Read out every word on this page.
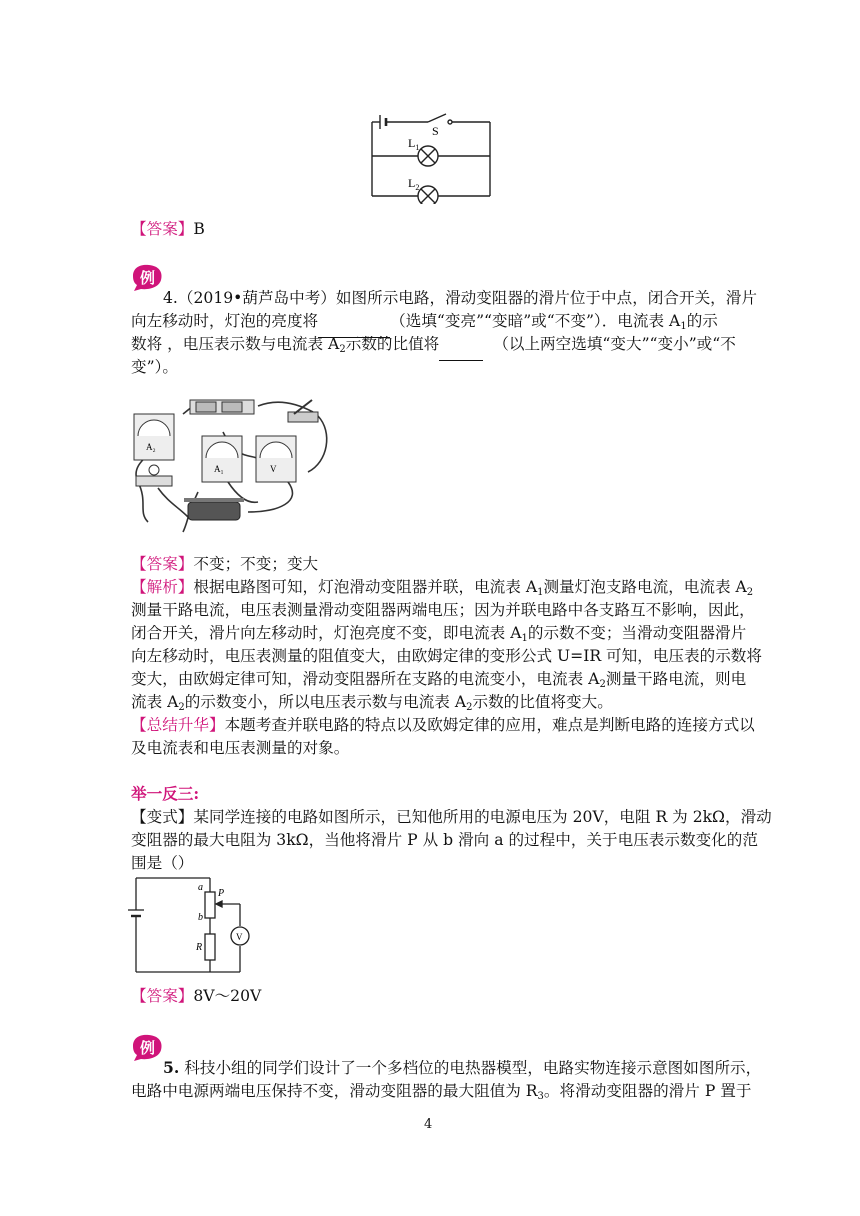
S
$L_1$
$L_2$
【答案】B
例
4.（2019•葫芦岛中考）如图所示电路，滑动变阻器的滑片位于中点，闭合开关，滑片
向左移动时，灯泡的亮度将	（选填“变亮”“变暗”或“不变”）．电流表 $A_1$的示
数将 ，电压表示数与电流表 $A_2$示数的比值将	（以上两空选填“变大”“变小”或“不
变”）。
A₂
A₁	V
【答案】不变；不变；变大
【解析】根据电路图可知，灯泡滑动变阻器并联，电流表 $A_1$测量灯泡支路电流，电流表 $A_2$
测量干路电流，电压表测量滑动变阻器两端电压；因为并联电路中各支路互不影响，因此，
闭合开关，滑片向左移动时，灯泡亮度不变，即电流表 $A_1$的示数不变；当滑动变阻器滑片
向左移动时，电压表测量的阻值变大，由欧姆定律的变形公式 U=IR 可知，电压表的示数将
变大，由欧姆定律可知，滑动变阻器所在支路的电流变小，电流表 $A_2$测量干路电流，则电
流表 $A_2$的示数变小，所以电压表示数与电流表 $A_2$示数的比值将变大。
【总结升华】本题考查并联电路的特点以及欧姆定律的应用，难点是判断电路的连接方式以
及电流表和电压表测量的对象。
举一反三:
【变式】某同学连接的电路如图所示，已知他所用的电源电压为 20V，电阻 R 为 2kΩ，滑动
变阻器的最大电阻为 3kΩ，当他将滑片 P 从 b 滑向 a 的过程中，关于电压表示数变化的范
围是（）
a
P
b
R
V
【答案】8V～20V
例
5. 科技小组的同学们设计了一个多档位的电热器模型，电路实物连接示意图如图所示，
电路中电源两端电压保持不变，滑动变阻器的最大阻值为 $R_3$。将滑动变阻器的滑片 P 置于
4
